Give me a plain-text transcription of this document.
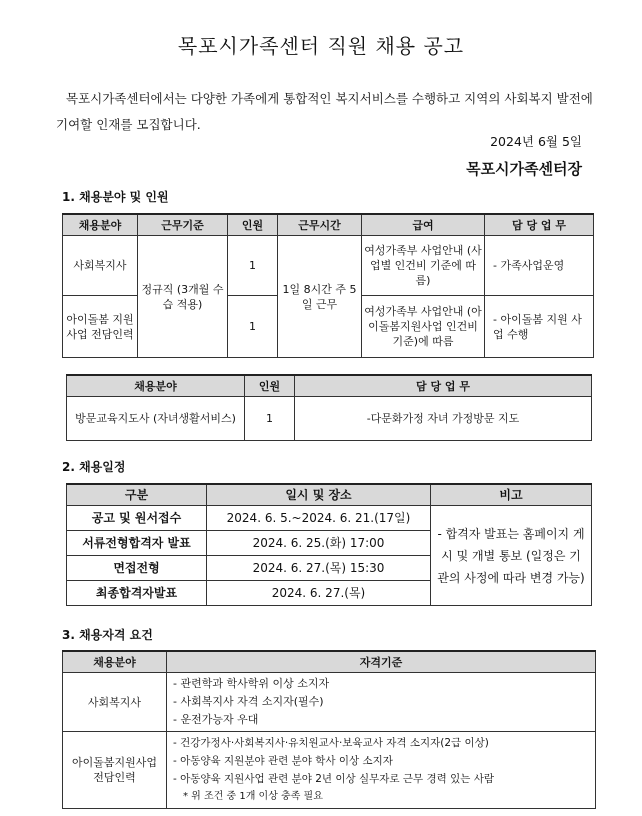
목포시가족센터 직원 채용 공고
목포시가족센터에서는 다양한 가족에게 통합적인 복지서비스를 수행하고 지역의 사회복지 발전에 기여할 인재를 모집합니다.
2024년 6월 5일
목포시가족센터장
1. 채용분야 및 인원
채용분야	근무기준	인원	근무시간	급여	담 당 업 무
사회복지사	정규직 (3개월 수습 적용)	1	1일 8시간 주 5일 근무	여성가족부 사업안내 (사업별 인건비 기준에 따름)	- 가족사업운영
아이돌봄 지원사업 전담인력		1		여성가족부 사업안내 (아이돌봄지원사업 인건비 기준)에 따름	- 아이돌봄 지원 사업 수행
채용분야	인원	담 당 업 무
방문교육지도사 (자녀생활서비스)	1	-다문화가정 자녀 가정방문 지도
2. 채용일정
구분	일시 및 장소	비고
공고 및 원서접수	2024. 6. 5.~2024. 6. 21.(17일)	- 합격자 발표는 홈페이지 게시 및 개별 통보 (일정은 기관의 사정에 따라 변경 가능)
서류전형합격자 발표	2024. 6. 25.(화) 17:00	
면접전형	2024. 6. 27.(목) 15:30	
최종합격자발표	2024. 6. 27.(목)	
3. 채용자격 요건
채용분야	자격기준
사회복지사	- 관련학과 학사학위 이상 소지자
- 사회복지사 자격 소지자(필수)
- 운전가능자 우대

아이돌봄지원사업 전담인력	- 건강가정사·사회복지사·유치원교사·보육교사 자격 소지자(2급 이상)
- 아동양육 지원분야 관련 분야 학사 이상 소지자
- 아동양육 지원사업 관련 분야 2년 이상 실무자로 근무 경력 있는 사람
* 위 조건 중 1개 이상 충족 필요
